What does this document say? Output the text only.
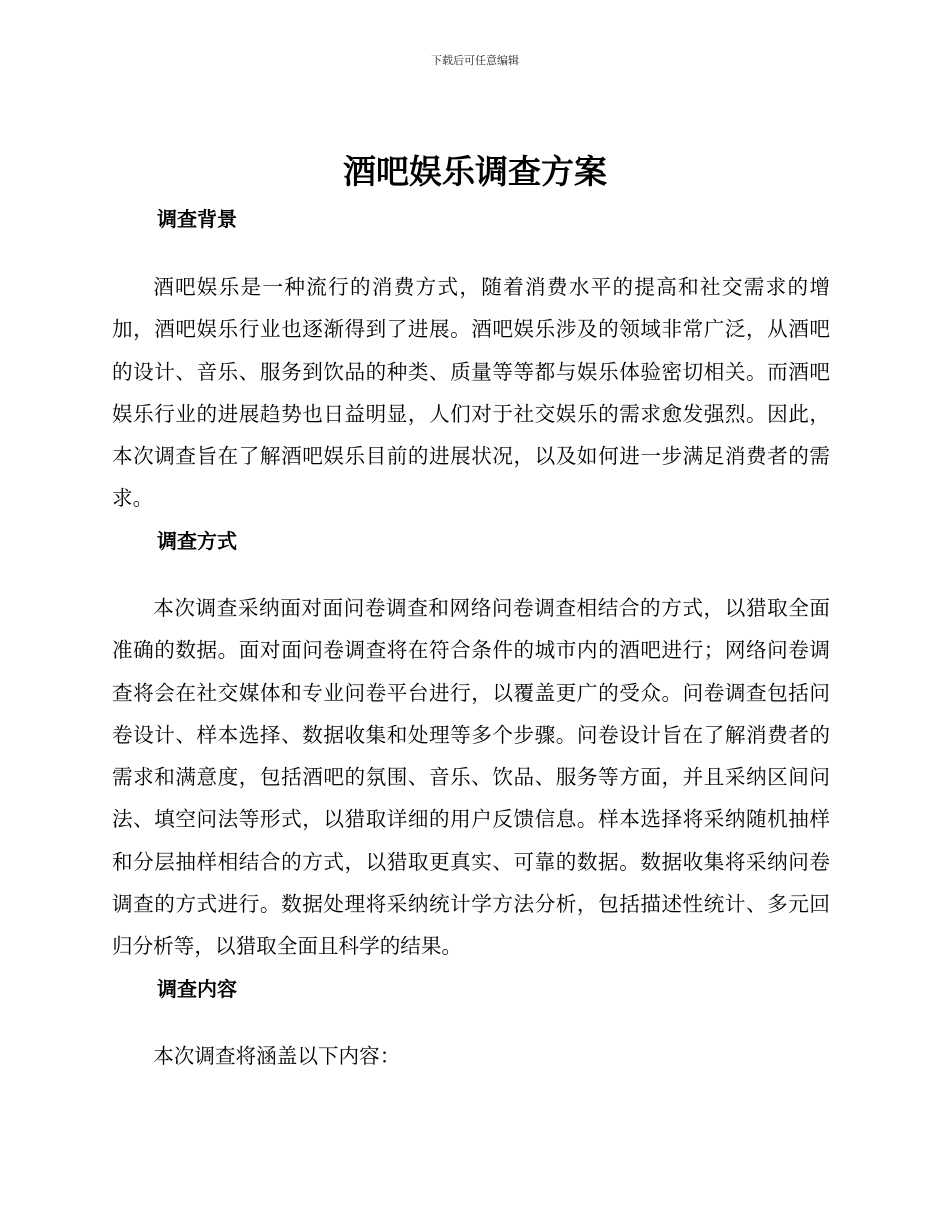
下载后可任意编辑
酒吧娱乐调查方案
调查背景

酒吧娱乐是一种流行的消费方式，随着消费水平的提高和社交需求的增加，酒吧娱乐行业也逐渐得到了进展。酒吧娱乐涉及的领域非常广泛，从酒吧的设计、音乐、服务到饮品的种类、质量等等都与娱乐体验密切相关。而酒吧娱乐行业的进展趋势也日益明显，人们对于社交娱乐的需求愈发强烈。因此，本次调查旨在了解酒吧娱乐目前的进展状况，以及如何进一步满足消费者的需求。

调查方式

本次调查采纳面对面问卷调查和网络问卷调查相结合的方式，以猎取全面准确的数据。面对面问卷调查将在符合条件的城市内的酒吧进行；网络问卷调查将会在社交媒体和专业问卷平台进行，以覆盖更广的受众。问卷调查包括问卷设计、样本选择、数据收集和处理等多个步骤。问卷设计旨在了解消费者的需求和满意度，包括酒吧的氛围、音乐、饮品、服务等方面，并且采纳区间问法、填空问法等形式，以猎取详细的用户反馈信息。样本选择将采纳随机抽样和分层抽样相结合的方式，以猎取更真实、可靠的数据。数据收集将采纳问卷调查的方式进行。数据处理将采纳统计学方法分析，包括描述性统计、多元回归分析等，以猎取全面且科学的结果。

调查内容

本次调查将涵盖以下内容：
